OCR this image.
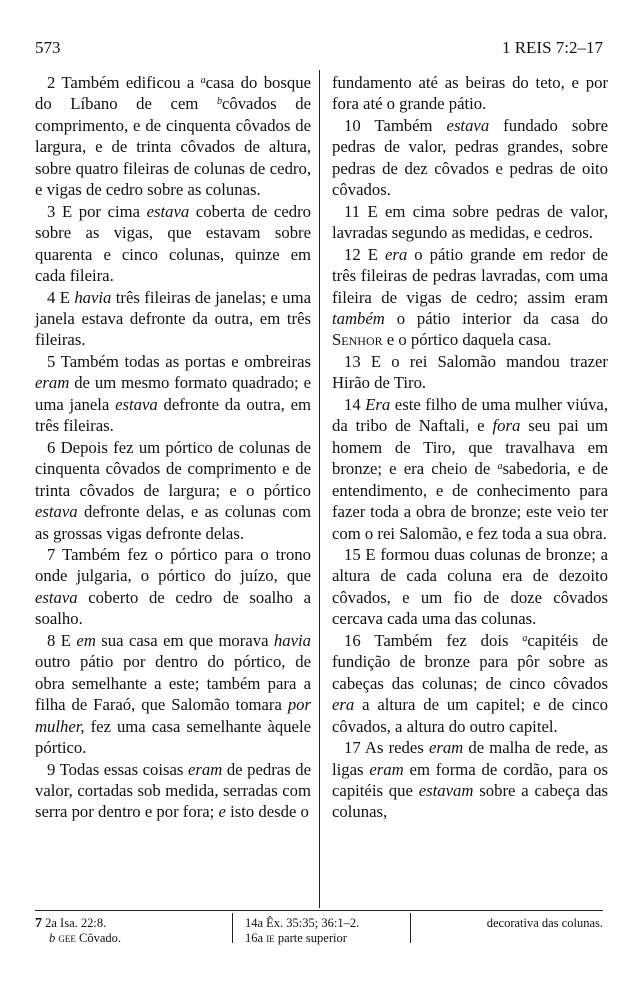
573	1 REIS 7:2–17

2 Também edificou a $^a$casa do bosque do Líbano de cem $^b$côvados de comprimento, e de cinquenta côvados de largura, e de trinta côvados de altura, sobre quatro fileiras de colunas de cedro, e vigas de cedro sobre as colunas.

3 E por cima estava coberta de cedro sobre as vigas, que estavam sobre quarenta e cinco colunas, quinze em cada fileira.

4 E havia três fileiras de janelas; e uma janela estava defronte da outra, em três fileiras.

5 Também todas as portas e ombreiras eram de um mesmo formato quadrado; e uma janela estava defronte da outra, em três fileiras.

6 Depois fez um pórtico de colunas de cinquenta côvados de comprimento e de trinta côvados de largura; e o pórtico estava defronte delas, e as colunas com as grossas vigas defronte delas.

7 Também fez o pórtico para o trono onde julgaria, o pórtico do juízo, que estava coberto de cedro de soalho a soalho.

8 E em sua casa em que morava havia outro pátio por dentro do pórtico, de obra semelhante a este; também para a filha de Faraó, que Salomão tomara por mulher, fez uma casa semelhante àquele pórtico.

9 Todas essas coisas eram de pedras de valor, cortadas sob medida, serradas com serra por dentro e por fora; e isto desde o

fundamento até as beiras do teto, e por fora até o grande pátio.

10 Também estava fundado sobre pedras de valor, pedras grandes, sobre pedras de dez côvados e pedras de oito côvados.

11 E em cima sobre pedras de valor, lavradas segundo as medidas, e cedros.

12 E era o pátio grande em redor de três fileiras de pedras lavradas, com uma fileira de vigas de cedro; assim eram também o pátio interior da casa do Senhor e o pórtico daquela casa.

13 E o rei Salomão mandou trazer Hirão de Tiro.

14 Era este filho de uma mulher viúva, da tribo de Naftali, e fora seu pai um homem de Tiro, que travalhava em bronze; e era cheio de $^a$sabedoria, e de entendimento, e de conhecimento para fazer toda a obra de bronze; este veio ter com o rei Salomão, e fez toda a sua obra.

15 E formou duas colunas de bronze; a altura de cada coluna era de dezoito côvados, e um fio de doze côvados cercava cada uma das colunas.

16 Também fez dois $^a$capitéis de fundição de bronze para pôr sobre as cabeças das colunas; de cinco côvados era a altura de um capitel; e de cinco côvados, a altura do outro capitel.

17 As redes eram de malha de rede, as ligas eram em forma de cordão, para os capitéis que estavam sobre a cabeça das colunas,

7 2a Isa. 22:8.
b gee Côvado.
14a Êx. 35:35; 36:1–2.
16a ie parte superior
decorativa das colunas.
